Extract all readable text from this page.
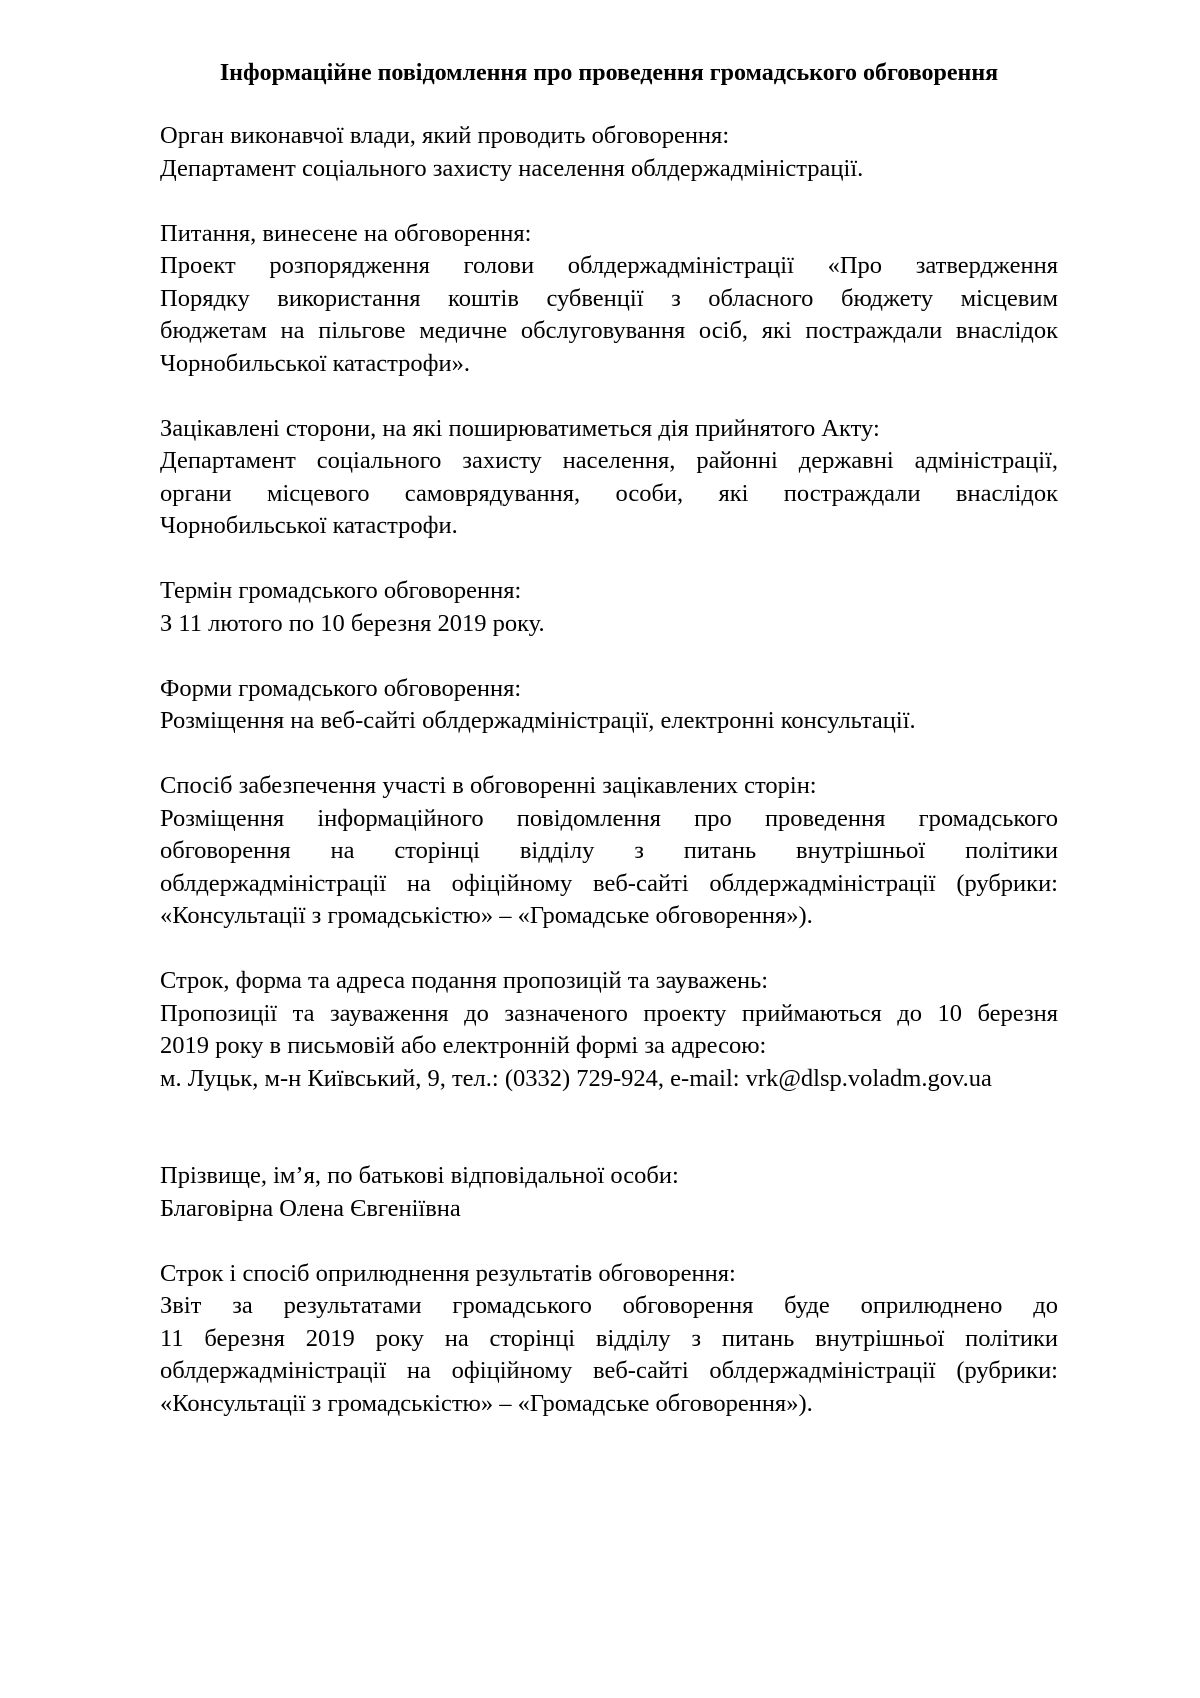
Інформаційне повідомлення про проведення громадського обговорення
Орган виконавчої влади, який проводить обговорення:
Департамент соціального захисту населення облдержадміністрації.
Питання, винесене на обговорення:
Проект розпорядження голови облдержадміністрації «Про затвердження
Порядку використання коштів субвенції з обласного бюджету місцевим
бюджетам на пільгове медичне обслуговування осіб, які постраждали внаслідок
Чорнобильської катастрофи».
Зацікавлені сторони, на які поширюватиметься дія прийнятого Акту:
Департамент соціального захисту населення, районні державні адміністрації,
органи місцевого самоврядування, особи, які постраждали внаслідок
Чорнобильської катастрофи.
Термін громадського обговорення:
З 11 лютого по 10 березня 2019 року.
Форми громадського обговорення:
Розміщення на веб-сайті облдержадміністрації, електронні консультації.
Спосіб забезпечення участі в обговоренні зацікавлених сторін:
Розміщення інформаційного повідомлення про проведення громадського
обговорення на сторінці відділу з питань внутрішньої політики
облдержадміністрації на офіційному веб-сайті облдержадміністрації (рубрики:
«Консультації з громадськістю» – «Громадське обговорення»).
Строк, форма та адреса подання пропозицій та зауважень:
Пропозиції та зауваження до зазначеного проекту приймаються до 10 березня
2019 року в письмовій або електронній формі за адресою:
м. Луцьк, м-н Київський, 9, тел.: (0332) 729-924, e-mail: vrk@dlsp.voladm.gov.ua
Прізвище, ім’я, по батькові відповідальної особи:
Благовірна Олена Євгеніївна
Строк і спосіб оприлюднення результатів обговорення:
Звіт за результатами громадського обговорення буде оприлюднено до
11 березня 2019 року на сторінці відділу з питань внутрішньої політики
облдержадміністрації на офіційному веб-сайті облдержадміністрації (рубрики:
«Консультації з громадськістю» – «Громадське обговорення»).
